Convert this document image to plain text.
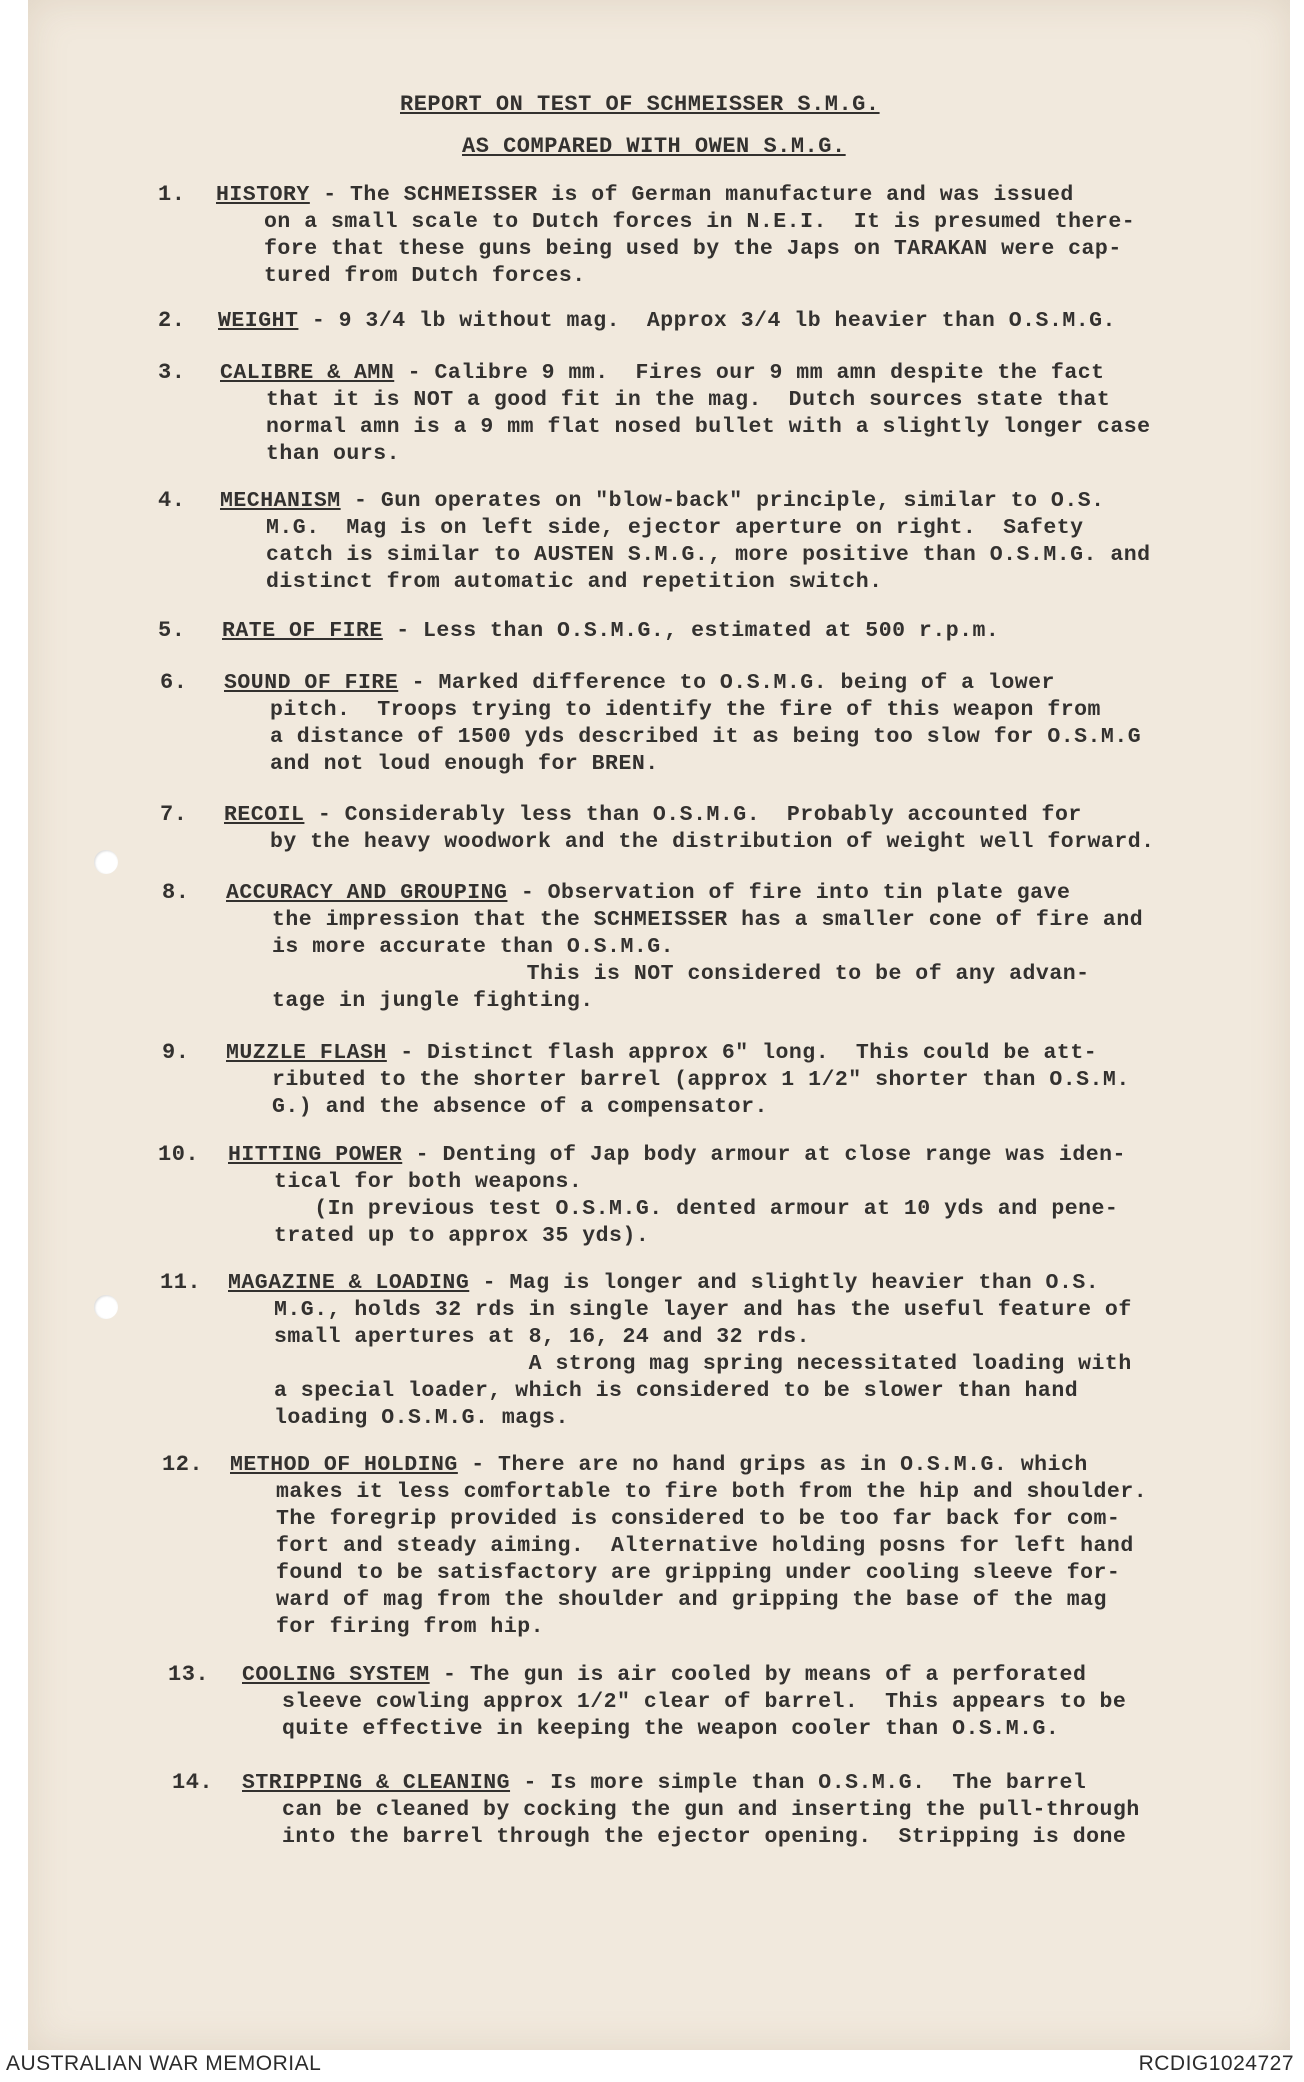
REPORT ON TEST OF SCHMEISSER S.M.G.
AS COMPARED WITH OWEN S.M.G.
1. HISTORY - The SCHMEISSER is of German manufacture and was issued
on a small scale to Dutch forces in N.E.I.  It is presumed there-
fore that these guns being used by the Japs on TARAKAN were cap-
tured from Dutch forces.
2. WEIGHT - 9 3/4 lb without mag.  Approx 3/4 lb heavier than O.S.M.G.
3. CALIBRE & AMN - Calibre 9 mm.  Fires our 9 mm amn despite the fact
that it is NOT a good fit in the mag.  Dutch sources state that
normal amn is a 9 mm flat nosed bullet with a slightly longer case
than ours.
4. MECHANISM - Gun operates on "blow-back" principle, similar to O.S.
M.G.  Mag is on left side, ejector aperture on right.  Safety
catch is similar to AUSTEN S.M.G., more positive than O.S.M.G. and
distinct from automatic and repetition switch.
5. RATE OF FIRE - Less than O.S.M.G., estimated at 500 r.p.m.
6. SOUND OF FIRE - Marked difference to O.S.M.G. being of a lower
pitch.  Troops trying to identify the fire of this weapon from
a distance of 1500 yds described it as being too slow for O.S.M.G
and not loud enough for BREN.
7. RECOIL - Considerably less than O.S.M.G.  Probably accounted for
by the heavy woodwork and the distribution of weight well forward.
8. ACCURACY AND GROUPING - Observation of fire into tin plate gave
the impression that the SCHMEISSER has a smaller cone of fire and
is more accurate than O.S.M.G.
This is NOT considered to be of any advan-
tage in jungle fighting.
9. MUZZLE FLASH - Distinct flash approx 6" long.  This could be att-
ributed to the shorter barrel (approx 1 1/2" shorter than O.S.M.
G.) and the absence of a compensator.
10. HITTING POWER - Denting of Jap body armour at close range was iden-
tical for both weapons.
(In previous test O.S.M.G. dented armour at 10 yds and pene-
trated up to approx 35 yds).
11. MAGAZINE & LOADING - Mag is longer and slightly heavier than O.S.
M.G., holds 32 rds in single layer and has the useful feature of
small apertures at 8, 16, 24 and 32 rds.
A strong mag spring necessitated loading with
a special loader, which is considered to be slower than hand
loading O.S.M.G. mags.
12. METHOD OF HOLDING - There are no hand grips as in O.S.M.G. which
makes it less comfortable to fire both from the hip and shoulder.
The foregrip provided is considered to be too far back for com-
fort and steady aiming.  Alternative holding posns for left hand
found to be satisfactory are gripping under cooling sleeve for-
ward of mag from the shoulder and gripping the base of the mag
for firing from hip.
13. COOLING SYSTEM - The gun is air cooled by means of a perforated
sleeve cowling approx 1/2" clear of barrel.  This appears to be
quite effective in keeping the weapon cooler than O.S.M.G.
14. STRIPPING & CLEANING - Is more simple than O.S.M.G.  The barrel
can be cleaned by cocking the gun and inserting the pull-through
into the barrel through the ejector opening.  Stripping is done
AUSTRALIAN WAR MEMORIAL	RCDIG1024727
